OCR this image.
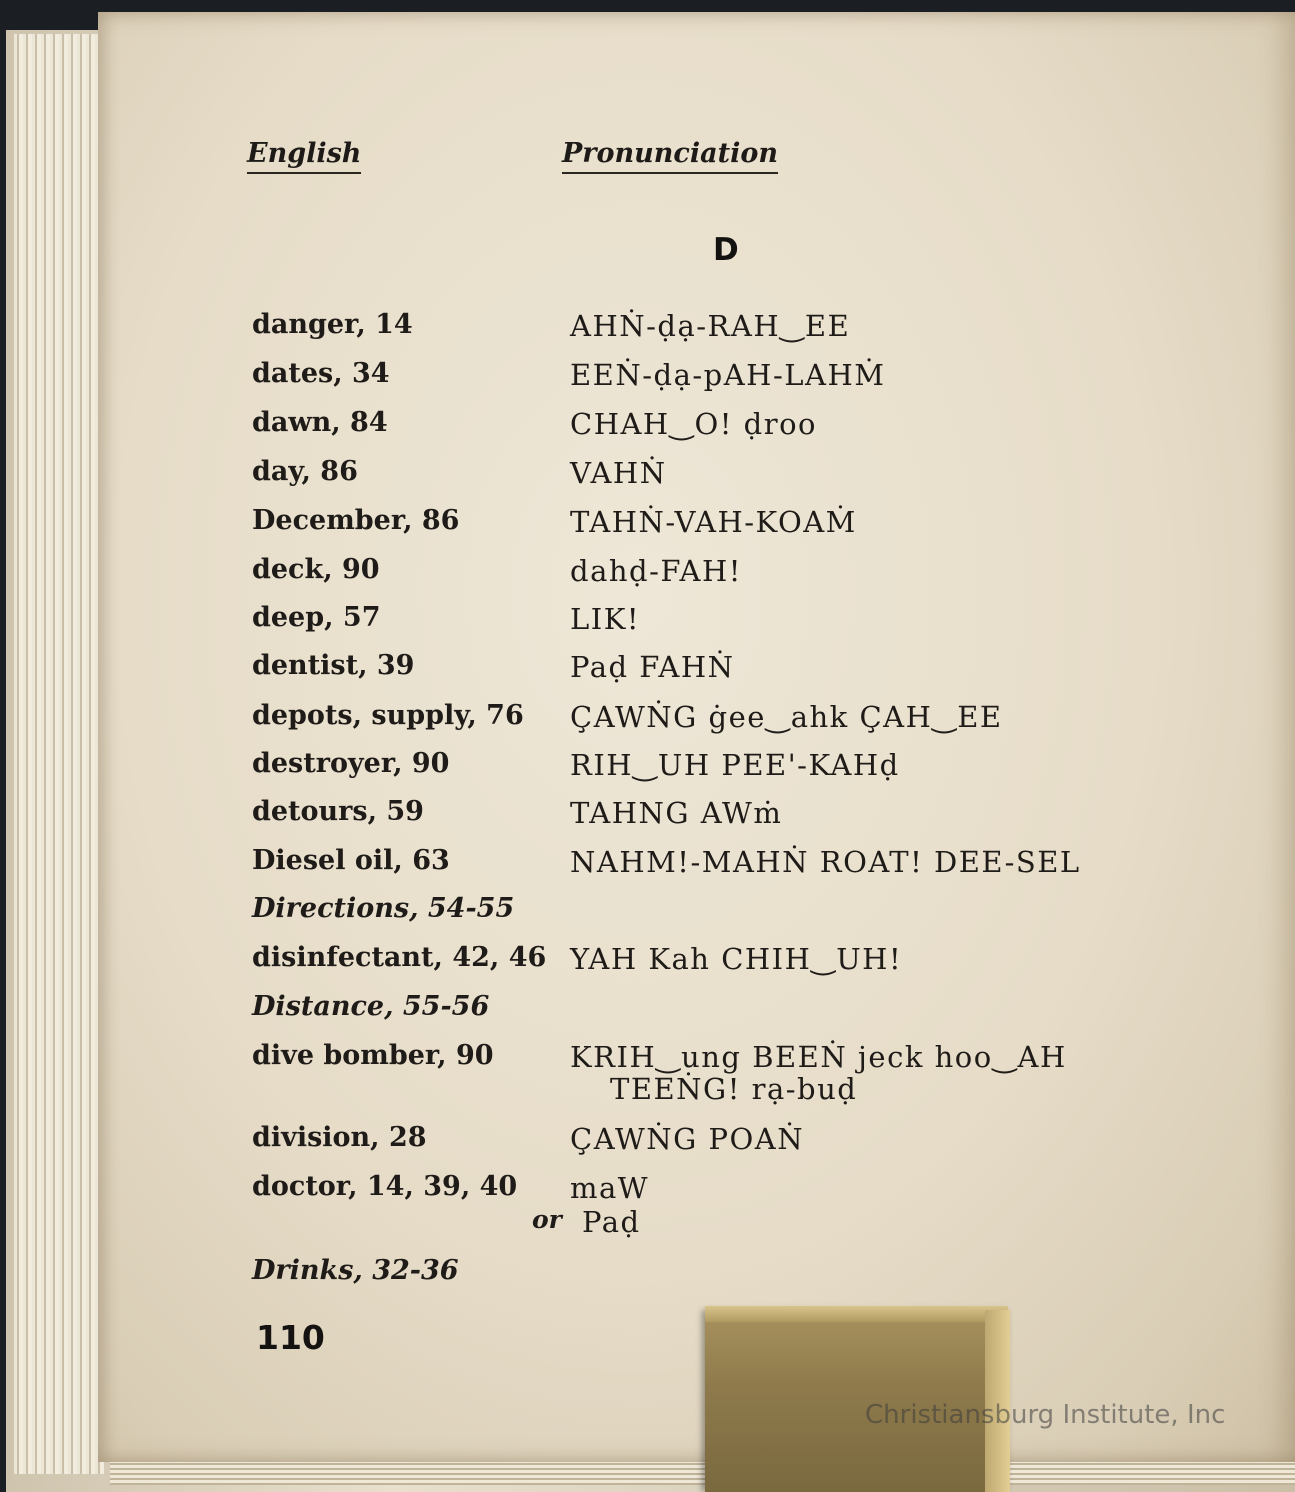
English	Pronunciation
D
danger, 14	AHṄ-ḍạ-RAH‿EE
dates, 34	EEṄ-ḍạ-pAH-LAHṀ
dawn, 84	CHAH‿O! ḍroo
day, 86	VAHṄ
December, 86	TAHṄ-VAH-KOAṀ
deck, 90	dahḍ-FAH!
deep, 57	LIK!
dentist, 39	Paḍ FAHṄ
depots, supply, 76 ÇAWṄG ġee‿ahk ÇAH‿EE
destroyer, 90	RIH‿UH PEE'-KAHḍ
detours, 59	TAHNG AWṁ
Diesel oil, 63	NAHM!-MAHṄ ROAT! DEE-SEL
Directions, 54-55
disinfectant, 42, 46 YAH Kah CHIH‿UH!
Distance, 55-56
dive bomber, 90	KRIH‿ung BEEṄ jeck hoo‿AH
TEEṄG! rạ-buḍ
division, 28	ÇAWṄG POAṄ
doctor, 14, 39, 40 maW
or Paḍ
Drinks, 32-36
110
Christiansburg Institute, Inc
